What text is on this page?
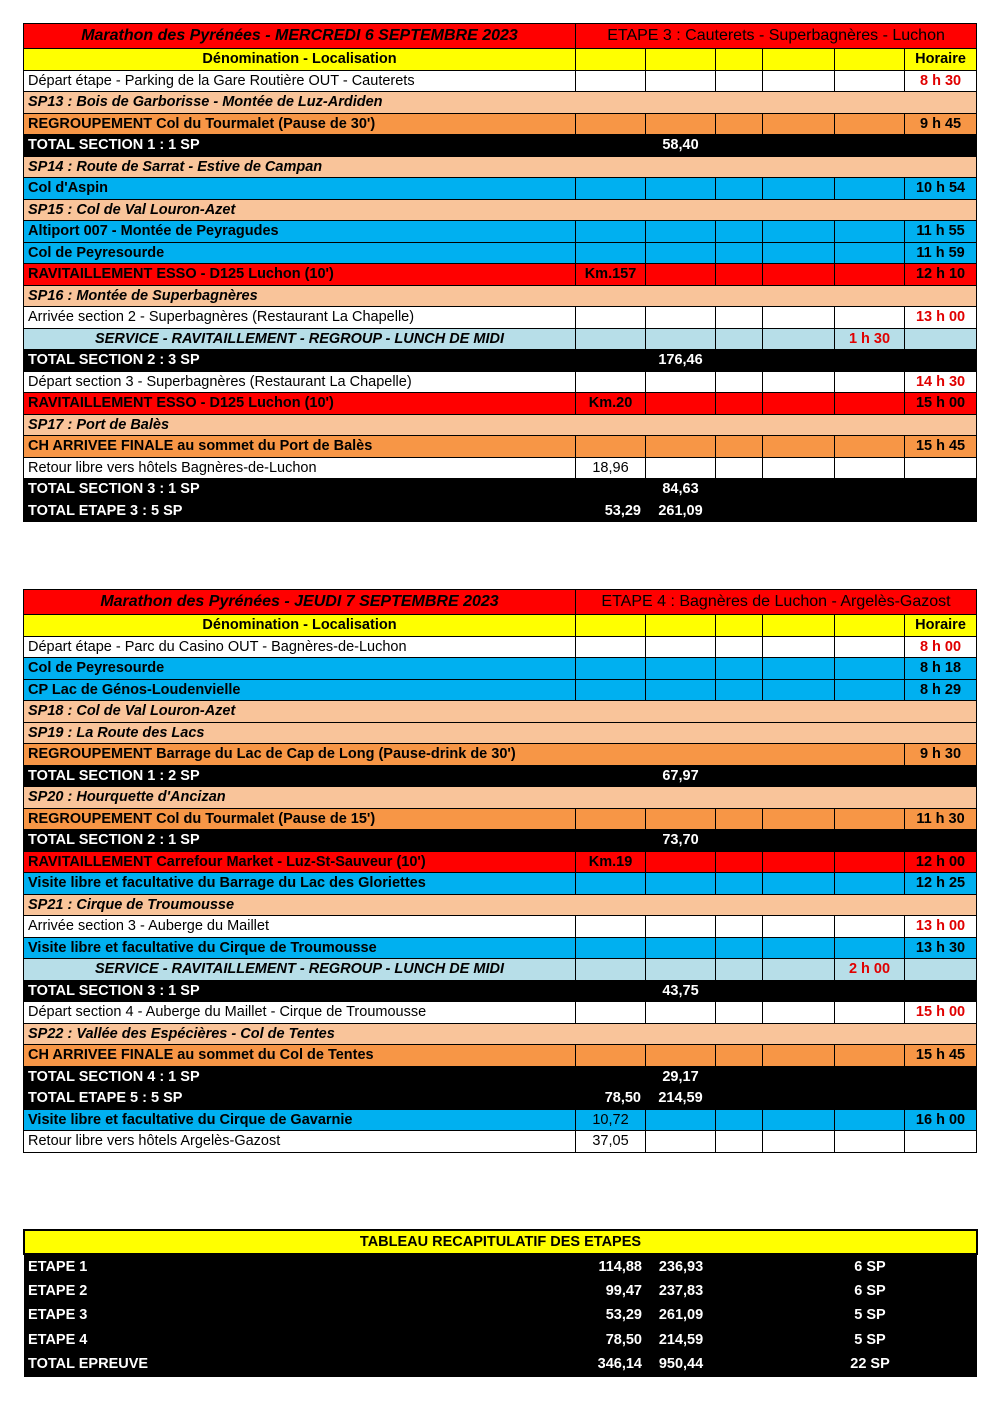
Marathon des Pyrénées - MERCREDI 6 SEPTEMBRE 2023	ETAPE 3 : Cauterets - Superbagnères - Luchon					
Dénomination - Localisation						Horaire
Départ étape - Parking de la Gare Routière OUT - Cauterets						8 h 30
SP13 : Bois de Garborisse - Montée de Luz-Ardiden						
REGROUPEMENT Col du Tourmalet (Pause de 30')						9 h 45
TOTAL SECTION 1 : 1 SP		58,40				
SP14 : Route de Sarrat - Estive de Campan						
Col d'Aspin						10 h 54
SP15 : Col de Val Louron-Azet						
Altiport 007 - Montée de Peyragudes						11 h 55
Col de Peyresourde						11 h 59
RAVITAILLEMENT ESSO - D125 Luchon (10')	Km.157					12 h 10
SP16 : Montée de Superbagnères						
Arrivée section 2 - Superbagnères (Restaurant La Chapelle)						13 h 00
SERVICE - RAVITAILLEMENT - REGROUP - LUNCH DE MIDI					1 h 30	
TOTAL SECTION 2 : 3 SP		176,46				
Départ section 3 - Superbagnères (Restaurant La Chapelle)						14 h 30
RAVITAILLEMENT ESSO - D125 Luchon (10')	Km.20					15 h 00
SP17 : Port de Balès						
CH ARRIVEE FINALE au sommet du Port de Balès						15 h 45
Retour libre vers hôtels Bagnères-de-Luchon	18,96					
TOTAL SECTION 3 : 1 SP		84,63				
TOTAL ETAPE 3 : 5 SP	53,29	261,09				
Marathon des Pyrénées - JEUDI 7 SEPTEMBRE 2023	ETAPE 4 : Bagnères de Luchon - Argelès-Gazost					
Dénomination - Localisation						Horaire
Départ étape - Parc du Casino OUT - Bagnères-de-Luchon						8 h 00
Col de Peyresourde						8 h 18
CP Lac de Génos-Loudenvielle						8 h 29
SP18 : Col de Val Louron-Azet						
SP19 : La Route des Lacs						
REGROUPEMENT Barrage du Lac de Cap de Long (Pause-drink de 30')						9 h 30
TOTAL SECTION 1 : 2 SP		67,97				
SP20 : Hourquette d'Ancizan						
REGROUPEMENT Col du Tourmalet (Pause de 15')						11 h 30
TOTAL SECTION 2 : 1 SP		73,70				
RAVITAILLEMENT Carrefour Market - Luz-St-Sauveur (10')	Km.19					12 h 00
Visite libre et facultative du Barrage du Lac des Gloriettes						12 h 25
SP21 : Cirque de Troumousse						
Arrivée section 3 - Auberge du Maillet						13 h 00
Visite libre et facultative du Cirque de Troumousse						13 h 30
SERVICE - RAVITAILLEMENT - REGROUP - LUNCH DE MIDI					2 h 00	
TOTAL SECTION 3 : 1 SP		43,75				
Départ section 4 - Auberge du Maillet - Cirque de Troumousse						15 h 00
SP22 : Vallée des Espécières - Col de Tentes						
CH ARRIVEE FINALE au sommet du Col de Tentes						15 h 45
TOTAL SECTION 4 : 1 SP		29,17				
TOTAL ETAPE 5 : 5 SP	78,50	214,59				
Visite libre et facultative du Cirque de Gavarnie	10,72					16 h 00
Retour libre vers hôtels Argelès-Gazost	37,05					
TABLEAU RECAPITULATIF DES ETAPES						
ETAPE 1	114,88	236,93			6 SP	
ETAPE 2	99,47	237,83			6 SP	
ETAPE 3	53,29	261,09			5 SP	
ETAPE 4	78,50	214,59			5 SP	
TOTAL EPREUVE	346,14	950,44			22 SP	
